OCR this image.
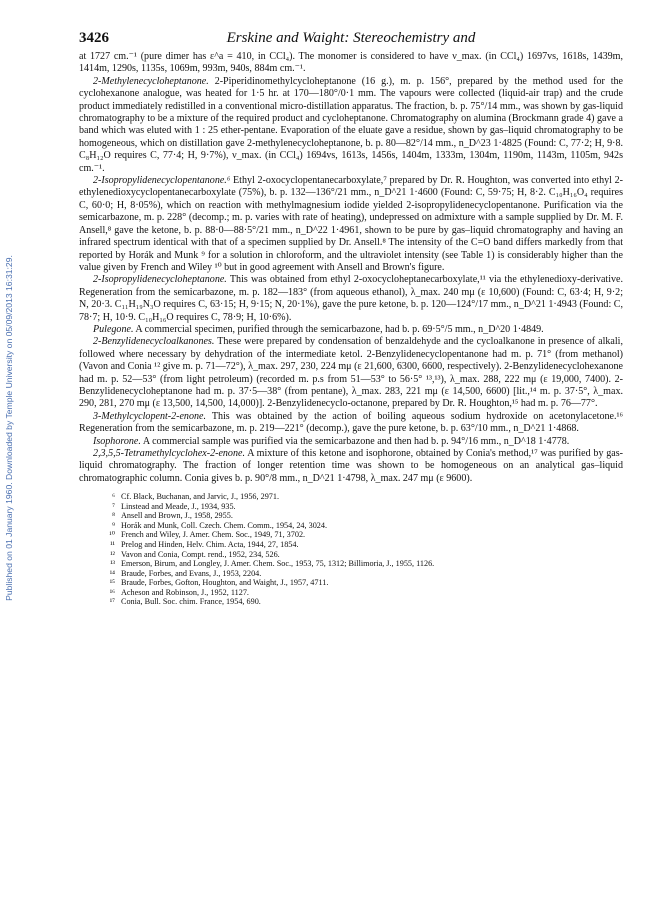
Published on 01 January 1960. Downloaded by Temple University on 05/09/2013 16:31:29.
3426	Erskine and Waight: Stereochemistry and

at 1727 cm.⁻¹ (pure dimer has ε^a = 410, in CCl₄). The monomer is considered to have ν_max. (in CCl₄) 1697vs, 1618s, 1439m, 1414m, 1290s, 1135s, 1069m, 993m, 940s, 884m cm.⁻¹.

2-Methylenecycloheptanone. 2-Piperidinomethylcycloheptanone (16 g.), m. p. 156°, prepared by the method used for the cyclohexanone analogue, was heated for 1·5 hr. at 170—180°/0·1 mm. The vapours were collected (liquid-air trap) and the crude product immediately redistilled in a conventional micro-distillation apparatus. The fraction, b. p. 75°/14 mm., was shown by gas-liquid chromatography to be a mixture of the required product and cycloheptanone. Chromatography on alumina (Brockmann grade 4) gave a band which was eluted with 1 : 25 ether-pentane. Evaporation of the eluate gave a residue, shown by gas–liquid chromatography to be homogeneous, which on distillation gave 2-methylenecycloheptanone, b. p. 80—82°/14 mm., n_D^23 1·4825 (Found: C, 77·2; H, 9·8. C₈H₁₂O requires C, 77·4; H, 9·7%), ν_max. (in CCl₄) 1694vs, 1613s, 1456s, 1404m, 1333m, 1304m, 1190m, 1143m, 1105m, 942s cm.⁻¹.

2-Isopropylidenecyclopentanone.⁶ Ethyl 2-oxocyclopentanecarboxylate,⁷ prepared by Dr. R. Houghton, was converted into ethyl 2-ethylenedioxycyclopentanecarboxylate (75%), b. p. 132—136°/21 mm., n_D^21 1·4600 (Found: C, 59·75; H, 8·2. C₁₀H₁₆O₄ requires C, 60·0; H, 8·05%), which on reaction with methylmagnesium iodide yielded 2-isopropylidenecyclopentanone. Purification via the semicarbazone, m. p. 228° (decomp.; m. p. varies with rate of heating), undepressed on admixture with a sample supplied by Dr. M. F. Ansell,⁸ gave the ketone, b. p. 88·0—88·5°/21 mm., n_D^22 1·4961, shown to be pure by gas–liquid chromatography and having an infrared spectrum identical with that of a specimen supplied by Dr. Ansell.⁸ The intensity of the C=O band differs markedly from that reported by Horák and Munk ⁹ for a solution in chloroform, and the ultraviolet intensity (see Table 1) is considerably higher than the value given by French and Wiley ¹⁰ but in good agreement with Ansell and Brown's figure.

2-Isopropylidenecycloheptanone. This was obtained from ethyl 2-oxocycloheptanecarboxylate,¹¹ via the ethylenedioxy-derivative. Regeneration from the semicarbazone, m. p. 182—183° (from aqueous ethanol), λ_max. 240 mμ (ε 10,600) (Found: C, 63·4; H, 9·2; N, 20·3. C₁₁H₁₉N₃O requires C, 63·15; H, 9·15; N, 20·1%), gave the pure ketone, b. p. 120—124°/17 mm., n_D^21 1·4943 (Found: C, 78·7; H, 10·9. C₁₀H₁₆O requires C, 78·9; H, 10·6%).

Pulegone. A commercial specimen, purified through the semicarbazone, had b. p. 69·5°/5 mm., n_D^20 1·4849.

2-Benzylidenecycloalkanones. These were prepared by condensation of benzaldehyde and the cycloalkanone in presence of alkali, followed where necessary by dehydration of the intermediate ketol. 2-Benzylidenecyclopentanone had m. p. 71° (from methanol) (Vavon and Conia ¹² give m. p. 71—72°), λ_max. 297, 230, 224 mμ (ε 21,600, 6300, 6600, respectively). 2-Benzylidenecyclohexanone had m. p. 52—53° (from light petroleum) (recorded m. p.s from 51—53° to 56·5° ¹³,¹³), λ_max. 288, 222 mμ (ε 19,000, 7400). 2-Benzylidenecycloheptanone had m. p. 37·5—38° (from pentane), λ_max. 283, 221 mμ (ε 14,500, 6600) [lit.,¹⁴ m. p. 37·5°, λ_max. 290, 281, 270 mμ (ε 13,500, 14,500, 14,000)]. 2-Benzylidenecyclo-octanone, prepared by Dr. R. Houghton,¹⁵ had m. p. 76—77°.

3-Methylcyclopent-2-enone. This was obtained by the action of boiling aqueous sodium hydroxide on acetonylacetone.¹⁶ Regeneration from the semicarbazone, m. p. 219—221° (decomp.), gave the pure ketone, b. p. 63°/10 mm., n_D^21 1·4868.

Isophorone. A commercial sample was purified via the semicarbazone and then had b. p. 94°/16 mm., n_D^18 1·4778.

2,3,5,5-Tetramethylcyclohex-2-enone. A mixture of this ketone and isophorone, obtained by Conia's method,¹⁷ was purified by gas-liquid chromatography. The fraction of longer retention time was shown to be homogeneous on an analytical gas–liquid chromatographic column. Conia gives b. p. 90°/8 mm., n_D^21 1·4798, λ_max. 247 mμ (ε 9600).

⁶ Cf. Black, Buchanan, and Jarvic, J., 1956, 2971.
⁷ Linstead and Meade, J., 1934, 935.
⁸ Ansell and Brown, J., 1958, 2955.
⁹ Horák and Munk, Coll. Czech. Chem. Comm., 1954, 24, 3024.
¹⁰ French and Wiley, J. Amer. Chem. Soc., 1949, 71, 3702.
¹¹ Prelog and Hinden, Helv. Chim. Acta, 1944, 27, 1854.
¹² Vavon and Conia, Compt. rend., 1952, 234, 526.
¹³ Emerson, Birum, and Longley, J. Amer. Chem. Soc., 1953, 75, 1312; Billimoria, J., 1955, 1126.
¹⁴ Braude, Forbes, and Evans, J., 1953, 2204.
¹⁵ Braude, Forbes, Gofton, Houghton, and Waight, J., 1957, 4711.
¹⁶ Acheson and Robinson, J., 1952, 1127.
¹⁷ Conia, Bull. Soc. chim. France, 1954, 690.
